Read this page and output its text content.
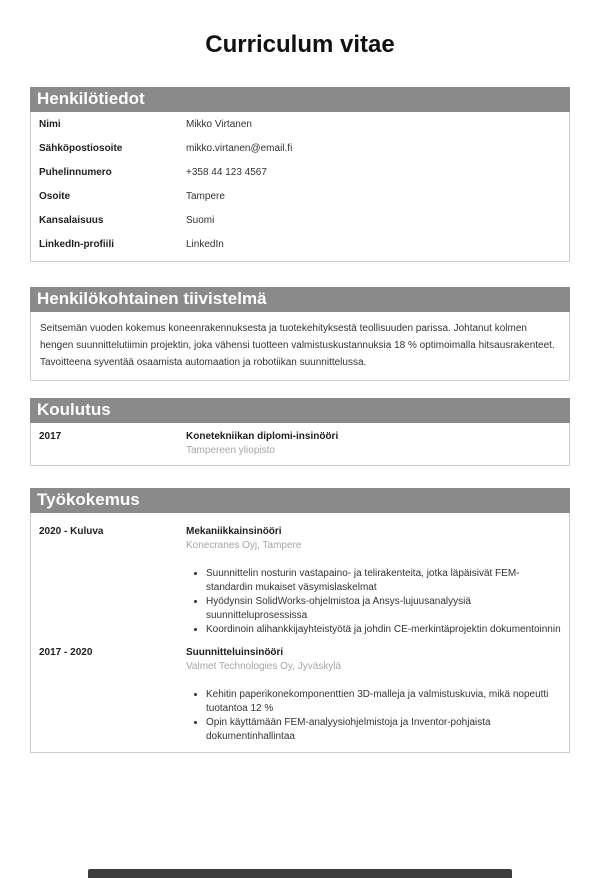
Curriculum vitae
Henkilötiedot
Nimi	Mikko Virtanen
Sähköpostiosoite	mikko.virtanen@email.fi
Puhelinnumero	+358 44 123 4567
Osoite	Tampere
Kansalaisuus	Suomi
LinkedIn-profiili	LinkedIn
Henkilökohtainen tiivistelmä
Seitsemän vuoden kokemus koneenrakennuksesta ja tuotekehityksestä teollisuuden parissa. Johtanut kolmen hengen suunnittelutiimin projektin, joka vähensi tuotteen valmistuskustannuksia 18 % optimoimalla hitsausrakenteet. Tavoitteena syventää osaamista automaation ja robotiikan suunnittelussa.
Koulutus
2017	Konetekniikan diplomi-insinööri
Tampereen yliopisto
Työkokemus
2020 - Kuluva	Mekaniikkainsinööri
Konecranes Oyj, Tampere
• Suunnittelin nosturin vastapaino- ja telirakenteita, jotka läpäisivät FEM-standardin mukaiset väsymislaskelmat
• Hyödynsin SolidWorks-ohjelmistoa ja Ansys-lujuusanalyysiä suunnitteluprosessissa
• Koordinoin alihankkijayhteistyötä ja johdin CE-merkintäprojektin dokumentoinnin
2017 - 2020	Suunnitteluinsinööri
Valmet Technologies Oy, Jyväskylä
• Kehitin paperikonekomponenttien 3D-malleja ja valmistuskuvia, mikä nopeutti tuotantoa 12 %
• Opin käyttämään FEM-analyysiohjelmistoja ja Inventor-pohjaista dokumentinhallintaa
